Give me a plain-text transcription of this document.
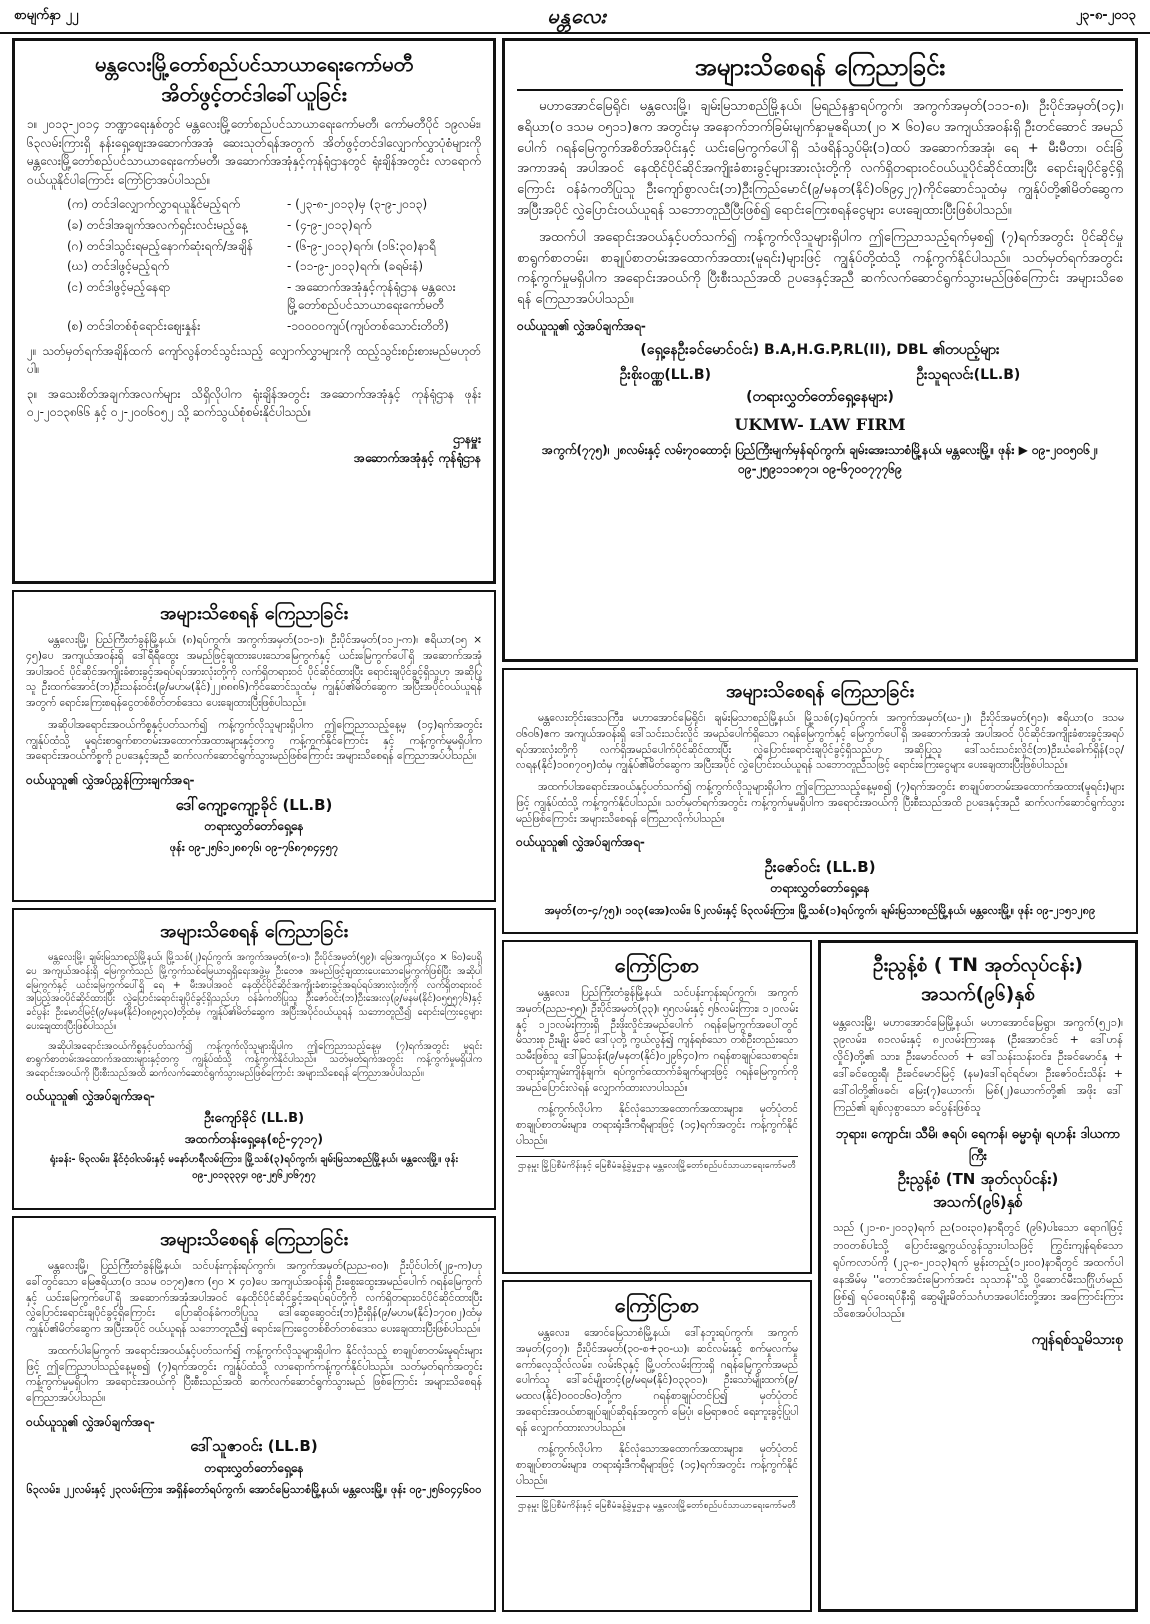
စာမျက်နှာ ၂၂	မန္တလေး	၂၃-၈-၂၀၁၃
မန္တလေးမြို့တော်စည်ပင်သာယာရေးကော်မတီ
အိတ်ဖွင့်တင်ဒါခေါ်ယူခြင်း
၁။ ၂၀၁၃-၂၀၁၄ ဘဏ္ဍာရေးနှစ်တွင် မန္တလေးမြို့တော်စည်ပင်သာယာရေးကော်မတီ၊ ကော်မတီပိုင် ၁၉လမ်း၊ ၆၃လမ်းကြားရှိ နန်းရှေ့ဈေးအဆောက်အအုံ ဆေးသုတ်ရန်အတွက် အိတ်ဖွင့်တင်ဒါလျှောက်လွှာပုံစံများကို မန္တလေးမြို့တော်စည်ပင်သာယာရေးကော်မတီ၊ အဆောက်အအုံနှင့်ကုန်ရုံဌာနတွင် ရုံးချိန်အတွင်း လာရောက်ဝယ်ယူနိုင်ပါကြောင်း ကြော်ငြာအပ်ပါသည်။
(က) တင်ဒါလျှောက်လွှာရယူနိုင်မည့်ရက်	- (၂၃-၈-၂၀၁၃)မှ (၃-၉-၂၀၁၃)
(ခ) တင်ဒါအချက်အလက်ရှင်းလင်းမည့်နေ့	- (၄-၉-၂၀၁၃)ရက်
(ဂ) တင်ဒါသွင်းရမည့်နောက်ဆုံးရက်/အချိန်	- (၆-၉-၂၀၁၃)ရက်၊ (၁၆:၃၀)နာရီ
(ဃ) တင်ဒါဖွင့်မည့်ရက်	- (၁၁-၉-၂၀၁၃)ရက်၊ (ခရမ်းနံ)
(င) တင်ဒါဖွင့်မည့်နေရာ	- အဆောက်အအုံနှင့်ကုန်ရုံဌာန မန္တလေးမြို့တော်စည်ပင်သာယာရေးကော်မတီ
(စ) တင်ဒါတစ်စုံရောင်းဈေးနှုန်း	-၁၀၀၀၀ကျပ်(ကျပ်တစ်သောင်းတိတိ)
၂။ သတ်မှတ်ရက်အချိန်ထက် ကျော်လွန်တင်သွင်းသည့် လျှောက်လွှာများကို ထည့်သွင်းစဉ်းစားမည်မဟုတ်ပါ။
၃။ အသေးစိတ်အချက်အလက်များ သိရှိလိုပါက ရုံးချိန်အတွင်း အဆောက်အအုံနှင့် ကုန်ရုံဌာန ဖုန်း ၀၂-၂၀၁၃၈၆၆ နှင့် ၀၂-၂၀၀၆၀၅၂ သို့ ဆက်သွယ်စုံစမ်းနိုင်ပါသည်။
ဌာနမှူး
အဆောက်အအုံနှင့် ကုန်ရုံဌာန
အများသိစေရန် ကြေညာခြင်း
မဟာအောင်မြေရိုင်၊ မန္တလေးမြို့၊ ချမ်းမြသာစည်မြို့နယ်၊ မြရည်နန္ဒာရပ်ကွက်၊ အကွက်အမှတ်(၁၁၁-၈)၊ ဦးပိုင်အမှတ်(၁၄)၊ ဧရိယာ(၀ ဒသမ ၀၅၁၁)ဧက အတွင်းမှ အနောက်ဘက်ခြမ်းမျက်နှာမူဧရိယာ(၂၀ × ၆၀)ပေ အကျယ်အဝန်းရှိ ဦးတင်ဆောင် အမည်ပေါက် ဂရန်မြေကွက်အစိတ်အပိုင်းနှင့် ယင်းမြေကွက်ပေါ်ရှိ သံဖရိန်သွပ်မိုး(၁)ထပ် အဆောက်အအုံ၊ ရေ + မီးမီတာ၊ ဝင်းခြံအကာအရံ အပါအဝင် နေထိုင်ပိုင်ဆိုင်အကျိုးခံစားခွင့်များအားလုံးတို့ကို လက်ရှိတရားဝင်ဝယ်ယူပိုင်ဆိုင်ထားပြီး ရောင်းချပိုင်ခွင့်ရှိကြောင်း ဝန်ခံကတိပြုသူ ဦးကျော်စွာလင်း(ဘ)ဦးကြည်မောင်(၉/မနတ(နိုင်)၀၆၉၄၂၇)ကိုင်ဆောင်သူထံမှ ကျွန်ုပ်တို့၏မိတ်ဆွေက အပြီးအပိုင် လွှဲပြောင်းဝယ်ယူရန် သဘောတူညီပြီးဖြစ်၍ ရောင်းကြေးစရန်ငွေများ ပေးချေထားပြီးဖြစ်ပါသည်။
အထက်ပါ အရောင်းအဝယ်နှင့်ပတ်သက်၍ ကန့်ကွက်လိုသူများရှိပါက ဤကြေညာသည့်ရက်မှစ၍ (၇)ရက်အတွင်း ပိုင်ဆိုင်မှုစာရွက်စာတမ်း၊ စာချုပ်စာတမ်းအထောက်အထား(မူရင်း)များဖြင့် ကျွန်ုပ်တို့ထံသို့ ကန့်ကွက်နိုင်ပါသည်။ သတ်မှတ်ရက်အတွင်း ကန့်ကွက်မှုမရှိပါက အရောင်းအဝယ်ကို ပြီးစီးသည်အထိ ဥပဒေနှင့်အညီ ဆက်လက်ဆောင်ရွက်သွားမည်ဖြစ်ကြောင်း အများသိစေရန် ကြေညာအပ်ပါသည်။
ဝယ်ယူသူ၏ လွှဲအပ်ချက်အရ-
(ရှေ့နေဦးခင်မောင်ဝင်း) B.A,H.G.P,RL(II), DBL ၏တပည့်များ
ဦးစိုးဝဏ္ဏ(LL.B)	ဦးသူရလင်း(LL.B)
(တရားလွှတ်တော်ရှေ့နေများ)
UKMW- LAW FIRM
အကွက်(၇၇၅)၊ ၂၈လမ်းနှင့် လမ်း၇၀ထောင့်၊ ပြည်ကြီးမျက်မှန်ရပ်ကွက်၊ ချမ်းအေးသာစံမြို့နယ်၊ မန္တလေးမြို့။ ဖုန်း ▶ ၀၉-၂၀၀၅၀၆၂၊ ၀၉-၂၅၉၁၁၁၈၇၁၊ ၀၉-၆၇၀၀၇၇၇၆၉
အများသိစေရန် ကြေညာခြင်း
မန္တလေးမြို့၊ ပြည်ကြီးတံခွန်မြို့နယ်၊ (၈)ရပ်ကွက်၊ အကွက်အမှတ်(၁၁-၁)၊ ဦးပိုင်အမှတ်(၁၁၂-က)၊ ဧရိယာ(၁၅ × ၄၅)ပေ အကျယ်အဝန်းရှိ ဒေါ်ရီရီထွေး အမည်ဖြင့်ချထားပေးသောမြေကွက်နှင့် ယင်းမြေကွက်ပေါ်ရှိ အဆောက်အအုံ အပါအဝင် ပိုင်ဆိုင်အကျိုးခံစားခွင့်အရပ်ရပ်အားလုံးတို့ကို လက်ရှိတရားဝင် ပိုင်ဆိုင်ထားပြီး ရောင်းချပိုင်ခွင့်ရှိသူဟု အဆိုပြုသူ ဦးထက်အောင်(ဘ)ဦးသန်းဝင်း(၉/မဟမ(နိုင်)၂၂၈၈၈၆)ကိုင်ဆောင်သူထံမှ ကျွန်ုပ်၏မိတ်ဆွေက အပြီးအပိုင်ဝယ်ယူရန်အတွက် ရောင်းကြေးစရန်ငွေတစ်စိတ်တစ်ဒေသ ပေးချေထားပြီးဖြစ်ပါသည်။
အဆိုပါအရောင်းအဝယ်ကိစ္စနှင့်ပတ်သက်၍ ကန့်ကွက်လိုသူများရှိပါက ဤကြေညာသည့်နေ့မှ (၁၄)ရက်အတွင်း ကျွန်ုပ်ထံသို့ မူရင်းစာရွက်စာတမ်းအထောက်အထားများနှင့်တကွ ကန့်ကွက်နိုင်ကြောင်း နှင့် ကန့်ကွက်မှုမရှိပါက အရောင်းအဝယ်ကိစ္စကို ဥပဒေနှင့်အညီ ဆက်လက်ဆောင်ရွက်သွားမည်ဖြစ်ကြောင်း အများသိစေရန် ကြေညာအပ်ပါသည်။
ဝယ်ယူသူ၏ လွှဲအပ်ညွှန်ကြားချက်အရ-
ဒေါ်ကျော့ကျော့ခိုင် (LL.B)
တရားလွှတ်တော်ရှေ့နေ
ဖုန်း ၀၉-၂၅၆၁၂၈၈၇၆၊ ၀၉-၇၆၈၇၈၄၄၅၇
အများသိစေရန် ကြေညာခြင်း
မန္တလေးတိုင်းဒေသကြီး၊ မဟာအောင်မြေရိုင်၊ ချမ်းမြသာစည်မြို့နယ်၊ မြို့သစ်(၄)ရပ်ကွက်၊ အကွက်အမှတ်(ဃ-၂)၊ ဦးပိုင်အမှတ်(၅၁)၊ ဧရိယာ(၀ ဒသမ ၀၆၀၆)ဧက အကျယ်အဝန်းရှိ ဒေါ်သင်းသင်းလှိုင် အမည်ပေါက်ရှိသော ဂရန်မြေကွက်နှင့် မြေကွက်ပေါ်ရှိ အဆောက်အအုံ အပါအဝင် ပိုင်ဆိုင်အကျိုးခံစားခွင့်အရပ်ရပ်အားလုံးတို့ကို လက်ရှိအမည်ပေါက်ပိုင်ဆိုင်ထားပြီး လွှဲပြောင်းရောင်းချပိုင်ခွင့်ရှိသည်ဟု အဆိုပြုသူ ဒေါ်သင်းသင်းလှိုင်(ဘ)ဦးယံခေါက်ရှိန်(၁၃/လရန(နိုင်)၁၀၈၇၀၅)ထံမှ ကျွန်ုပ်၏မိတ်ဆွေက အပြီးအပိုင် လွှဲပြောင်းဝယ်ယူရန် သဘောတူညီသဖြင့် ရောင်းကြေးငွေများ ပေးချေထားပြီးဖြစ်ပါသည်။
အထက်ပါအရောင်းအဝယ်နှင့်ပတ်သက်၍ ကန့်ကွက်လိုသူများရှိပါက ဤကြေညာသည့်နေ့မှစ၍ (၇)ရက်အတွင်း စာချုပ်စာတမ်းအထောက်အထား(မူရင်း)များဖြင့် ကျွန်ုပ်ထံသို့ ကန့်ကွက်နိုင်ပါသည်။ သတ်မှတ်ရက်အတွင်း ကန့်ကွက်မှုမရှိပါက အရောင်းအဝယ်ကို ပြီးစီးသည်အထိ ဥပဒေနှင့်အညီ ဆက်လက်ဆောင်ရွက်သွားမည်ဖြစ်ကြောင်း အများသိစေရန် ကြေညာလိုက်ပါသည်။
ဝယ်ယူသူ၏ လွှဲအပ်ချက်အရ-
ဦးဇော်ဝင်း (LL.B)
တရားလွှတ်တော်ရှေ့နေ
အမှတ်(တ-၄/၇၅)၊ ၁၀၃(အေ)လမ်း၊ ၆၂လမ်းနှင့် ၆၃လမ်းကြား၊ မြို့သစ်(၁)ရပ်ကွက်၊ ချမ်းမြသာစည်မြို့နယ်၊ မန္တလေးမြို့။ ဖုန်း ၀၉-၂၁၅၁၂၈၉
အများသိစေရန် ကြေညာခြင်း
မန္တလေးမြို့၊ ချမ်းမြသာစည်မြို့နယ်၊ မြို့သစ်(၂)ရပ်ကွက်၊ အကွက်အမှတ်(၈-၁)၊ ဦးပိုင်အမှတ်(၅၉)၊ မြေအကျယ်(၄၀ × ၆၀)ပေရှိ ပေ အကျယ်အဝန်းရှိ မြေကွက်သည် မြို့ကွက်သစ်မြေယာရရှိရေးအဖွဲ့မှ ဦးတေဇ အမည်ဖြင့်ချထားပေးသောမြေကွက်ဖြစ်ပြီး အဆိုပါမြေကွက်နှင့် ယင်းမြေကွက်ပေါ်ရှိ ရေ + မီးအပါအဝင် နေထိုင်ပိုင်ဆိုင်အကျိုးခံစားခွင့်အရပ်ရပ်အားလုံးတို့ကို လက်ရှိတရားဝင် အပြည့်အဝပိုင်ဆိုင်ထားပြီး လွှဲပြောင်းရောင်းချပိုင်ခွင့်ရှိသည်ဟု ဝန်ခံကတိပြုသူ ဦးဇော်ဝင်း(ဘ)ဦးအေးလှ(၉/မနမ(နိုင်)၀၅၅၅၇၆)နှင့် ခင်ပွန်း ဦးမောင်မြင့်(၉/မနမ(နိုင်)၀၈၉၅၃၀)တို့ထံမှ ကျွန်ုပ်၏မိတ်ဆွေက အပြီးအပိုင်ဝယ်ယူရန် သဘောတူညီ၍ ရောင်းကြေးငွေများ ပေးချေထားပြီးဖြစ်ပါသည်။
အဆိုပါအရောင်းအဝယ်ကိစ္စနှင့်ပတ်သက်၍ ကန့်ကွက်လိုသူများရှိပါက ဤကြေညာသည့်နေ့မှ (၇)ရက်အတွင်း မူရင်းစာရွက်စာတမ်းအထောက်အထားများနှင့်တကွ ကျွန်ုပ်ထံသို့ ကန့်ကွက်နိုင်ပါသည်။ သတ်မှတ်ရက်အတွင်း ကန့်ကွက်မှုမရှိပါက အရောင်းအဝယ်ကို ပြီးစီးသည်အထိ ဆက်လက်ဆောင်ရွက်သွားမည်ဖြစ်ကြောင်း အများသိစေရန် ကြေညာအပ်ပါသည်။
ဝယ်ယူသူ၏ လွှဲအပ်ချက်အရ-
ဦးကျော်ခိုင် (LL.B)
အထက်တန်းရှေ့နေ(စဉ်-၄၇၁၇)
ရုံးခန်း- ၆၃လမ်း၊ နိုင်ငံ့ဝါလမ်းနှင့် မနော်ဟရီလမ်းကြား၊ မြို့သစ်(၃)ရပ်ကွက်၊ ချမ်းမြသာစည်မြို့နယ်၊ မန္တလေးမြို့။ ဖုန်း ၀၉-၂၀၁၃၃၃၄၊ ၀၉-၂၅၆၂၀၆၇၅၇
အများသိစေရန် ကြေညာခြင်း
မန္တလေးမြို့၊ ပြည်ကြီးတံခွန်မြို့နယ်၊ သင်ပန်းကုန်းရပ်ကွက်၊ အကွက်အမှတ်(ညည-၈၀)၊ ဦးပိုင်ပါတ်(၂၉-က)ဟု ခေါ်တွင်သော မြေဧရိယာ(၀ ဒသမ ၀၁၇၅)ဧက (၅၀ × ၄၀)ပေ အကျယ်အဝန်းရှိ ဦးစွေးထွေးအမည်ပေါက် ဂရန်မြေကွက်နှင့် ယင်းမြေကွက်ပေါ်ရှိ အဆောက်အအုံအပါအဝင် နေထိုင်ပိုင်ဆိုင်ခွင့်အရပ်ရပ်တို့ကို လက်ရှိတရားဝင်ပိုင်ဆိုင်ထားပြီး လွှဲပြောင်းရောင်းချပိုင်ခွင့်ရှိကြောင်း ပြောဆိုဝန်ခံကတိပြုသူ ဒေါ်ဆွေဆွေဝင်း(ဘ)ဦးရှိန်(၉/မဟမ(နိုင်)၁၇၀၈၂)ထံမှ ကျွန်ုပ်၏မိတ်ဆွေက အပြီးအပိုင် ဝယ်ယူရန် သဘောတူညီ၍ ရောင်းကြေးငွေတစ်စိတ်တစ်ဒေသ ပေးချေထားပြီးဖြစ်ပါသည်။
အထက်ပါမြေကွက် အရောင်းအဝယ်နှင့်ပတ်သက်၍ ကန့်ကွက်လိုသူများရှိပါက နိုင်လုံသည့် စာချုပ်စာတမ်းမူရင်းများဖြင့် ဤကြေညာပါသည့်နေ့မှစ၍ (၇)ရက်အတွင်း ကျွန်ုပ်ထံသို့ လာရောက်ကန့်ကွက်နိုင်ပါသည်။ သတ်မှတ်ရက်အတွင်း ကန့်ကွက်မှုမရှိပါက အရောင်းအဝယ်ကို ပြီးစီးသည်အထိ ဆက်လက်ဆောင်ရွက်သွားမည် ဖြစ်ကြောင်း အများသိစေရန် ကြေညာအပ်ပါသည်။
ဝယ်ယူသူ၏ လွှဲအပ်ချက်အရ-
ဒေါ်သူဇာဝင်း (LL.B)
တရားလွှတ်တော်ရှေ့နေ
၆၃လမ်း၊ ၂၂လမ်းနှင့် ၂၃လမ်းကြား၊ အရှိန်တော်ရပ်ကွက်၊ အောင်မြေသာစံမြို့နယ်၊ မန္တလေးမြို့။ ဖုန်း ၀၉-၂၅၆၀၄၄၆၀၀
ကြော်ငြာစာ
မန္တလေး၊ ပြည်ကြီးတံခွန်မြို့နယ်၊ သင်ပန်းကုန်းရပ်ကွက်၊ အကွက်အမှတ်(ညည-၅၅)၊ ဦးပိုင်အမှတ်(၃၃)၊ ၅၅လမ်းနှင့် ၅၆လမ်းကြား၊ ၁၂၀လမ်းနှင့် ၁၂၁လမ်းကြားရှိ ဦးဖိုးလှိုင်အမည်ပေါက် ဂရန်မြေကွက်အပေါ်တွင် မိသားစု ဦးမျိုး မိခင် ဒေါ်ပုတို့ ကွယ်လွန်၍ ကျန်ရစ်သော တစ်ဦးတည်းသောသမီးဖြစ်သူ ဒေါ်မြသန်း(၉/မနတ(နိုင်)၀၂၉၆၄၀)က ဂရန်စာချုပ်သေစာရင်း၊ တရားရုံးကျမ်းကျိန်ချက်၊ ရပ်ကွက်ထောက်ခံချက်များဖြင့် ဂရန်မြေကွက်ကို အမည်ပြောင်းလဲရန် လျှောက်ထားလာပါသည်။
ကန့်ကွက်လိုပါက နိုင်လုံသောအထောက်အထားများ၊ မှတ်ပုံတင်စာချုပ်စာတမ်းများ၊ တရားရုံးဒီကရီများဖြင့် (၁၄)ရက်အတွင်း ကန့်ကွက်နိုင်ပါသည်။
ဌာနမှူး မြို့ပြစီမံကိန်းနှင့် မြေစီမံခန့်ခွဲမှုဌာန မန္တလေးမြို့တော်စည်ပင်သာယာရေးကော်မတီ
ကြော်ငြာစာ
မန္တလေး၊ အောင်မြေသာစံမြို့နယ်၊ ဒေါ်နဘူးရပ်ကွက်၊ အကွက်အမှတ်(၄၀၇)၊ ဦးပိုင်အမှတ်(၃၀-စ+၃၀-ယ)၊ ဆင်လမ်းနှင့် စက်မှုလက်မှုကော်လေ့သိုလ်လမ်း၊ လမ်း၆၃နှင့် မြို့ပတ်လမ်းကြားရှိ ဂရန်မြေကွက်အမည်ပေါက်သူ ဒေါ်ခင်မျိုးတင့်(၉/မရမ(နိုင်)၀၃၃၀၁)၊ ဦးသော်မျိုးထက်(၉/မထလ(နိုင်)၀၀၀၁၆၀)တို့က ဂရန်စာချုပ်တင်ပြ၍ မှတ်ပုံတင်အရောင်းအဝယ်စာချုပ်ချုပ်ဆိုရန်အတွက် မြေပုံ၊ မြေရာဇဝင် ရေးကူးခွင့်ပြုပါရန် လျှောက်ထားလာပါသည်။
ကန့်ကွက်လိုပါက နိုင်လုံသောအထောက်အထားများ၊ မှတ်ပုံတင်စာချုပ်စာတမ်းများ၊ တရားရုံးဒီကရီများဖြင့် (၁၄)ရက်အတွင်း ကန့်ကွက်နိုင်ပါသည်။
ဌာနမှူး မြို့ပြစီမံကိန်းနှင့် မြေစီမံခန့်ခွဲမှုဌာန မန္တလေးမြို့တော်စည်ပင်သာယာရေးကော်မတီ
ဦးညွန့်စံ ( TN အုတ်လုပ်ငန်း)
အသက်(၉၆)နှစ်
မန္တလေးမြို့၊ မဟာအောင်မြေမြို့နယ်၊ မဟာအောင်မြေရွာ၊ အကွက်(၅၂၁)၊ ၃၉လမ်း၊ ၈၁လမ်းနှင့် ၈၂လမ်းကြားနေ (ဦးအောင်ဒင် + ဒေါ်ဟန်လှိုင်)တို့၏ သား၊ ဦးမောင်လတ် + ဒေါ်သန်းသန်းဝင်း၊ ဦးခင်မောင်နှ + ဒေါ်ခင်ထွေးရီ၊ ဦးခင်မောင်မြင့် (နမ)ဒေါ်ရင်ရင်မာ၊ ဦးဇော်ဝင်းသိန်း + ဒေါ်ဝါတို့၏ဖခင်၊ မြေး(၇)ယောက်၊ မြစ်(၂)ယောက်တို့၏ အဖိုး ဒေါ်ကြည်၏ ချစ်လှစွာသော ခင်ပွန်းဖြစ်သူ
ဘုရား၊ ကျောင်း၊ သီမိ၊ ဇရပ်၊ ရေကန်၊ ဓမ္မာရုံ၊ ရဟန်း ဒါယကာကြီး
ဦးညွန့်စံ (TN အုတ်လုပ်ငန်း)
အသက်(၉၆)နှစ်
သည် (၂၁-၈-၂၀၁၃)ရက် ည(၁၀း၃၀)နာရီတွင် (၉၆)ပါးသော ရောဂါဖြင့် ဘဝတစ်ပါးသို့ ပြောင်းရွှေ့ကွယ်လွန်သွားပါသဖြင့် ကြွင်းကျန်ရစ်သော ရုပ်ကလာပ်ကို (၂၃-၈-၂၀၁၃)ရက် မွန်းတည့်(၁၂း၀၀)နာရီတွင် အထက်ပါ နေအိမ်မှ ''တောင်အင်းမြောက်အင်း သုသာန်''သို့ ပို့ဆောင်မီးသင်္ဂြိုဟ်မည်ဖြစ်၍ ရပ်ဝေးရပ်နီးရှိ ဆွေမျိုးမိတ်သင်္ဂဟအပေါင်းတို့အား အကြောင်းကြားသိစေအပ်ပါသည်။
ကျန်ရစ်သူမိသားစု
